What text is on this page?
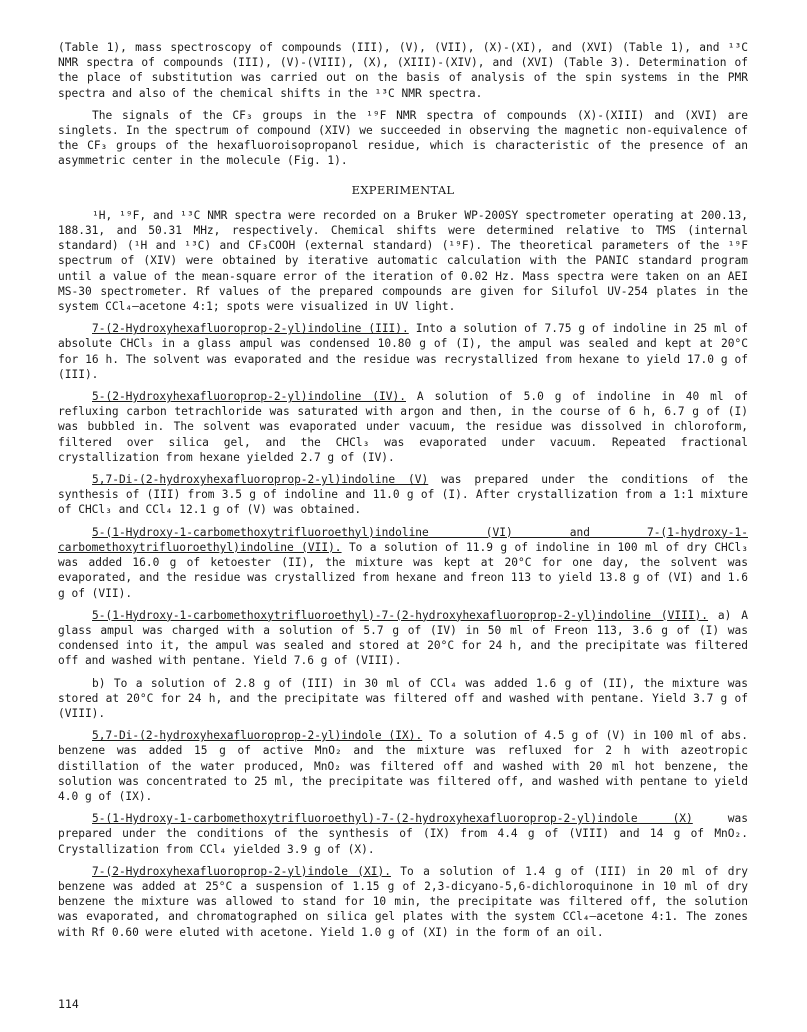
(Table 1), mass spectroscopy of compounds (III), (V), (VII), (X)-(XI), and (XVI) (Table 1), and ¹³C NMR spectra of compounds (III), (V)-(VIII), (X), (XIII)-(XIV), and (XVI) (Table 3). Determination of the place of substitution was carried out on the basis of analysis of the spin systems in the PMR spectra and also of the chemical shifts in the ¹³C NMR spectra.

The signals of the CF₃ groups in the ¹⁹F NMR spectra of compounds (X)-(XIII) and (XVI) are singlets. In the spectrum of compound (XIV) we succeeded in observing the magnetic non-equivalence of the CF₃ groups of the hexafluoroisopropanol residue, which is characteristic of the presence of an asymmetric center in the molecule (Fig. 1).

EXPERIMENTAL

¹H, ¹⁹F, and ¹³C NMR spectra were recorded on a Bruker WP-200SY spectrometer operating at 200.13, 188.31, and 50.31 MHz, respectively. Chemical shifts were determined relative to TMS (internal standard) (¹H and ¹³C) and CF₃COOH (external standard) (¹⁹F). The theoretical parameters of the ¹⁹F spectrum of (XIV) were obtained by iterative automatic calculation with the PANIC standard program until a value of the mean-square error of the iteration of 0.02 Hz. Mass spectra were taken on an AEI MS-30 spectrometer. Rf values of the prepared compounds are given for Silufol UV-254 plates in the system CCl₄–acetone 4:1; spots were visualized in UV light.

7-(2-Hydroxyhexafluoroprop-2-yl)indoline (III). Into a solution of 7.75 g of indoline in 25 ml of absolute CHCl₃ in a glass ampul was condensed 10.80 g of (I), the ampul was sealed and kept at 20°C for 16 h. The solvent was evaporated and the residue was recrystallized from hexane to yield 17.0 g of (III).

5-(2-Hydroxyhexafluoroprop-2-yl)indoline (IV). A solution of 5.0 g of indoline in 40 ml of refluxing carbon tetrachloride was saturated with argon and then, in the course of 6 h, 6.7 g of (I) was bubbled in. The solvent was evaporated under vacuum, the residue was dissolved in chloroform, filtered over silica gel, and the CHCl₃ was evaporated under vacuum. Repeated fractional crystallization from hexane yielded 2.7 g of (IV).

5,7-Di-(2-hydroxyhexafluoroprop-2-yl)indoline (V) was prepared under the conditions of the synthesis of (III) from 3.5 g of indoline and 11.0 g of (I). After crystallization from a 1:1 mixture of CHCl₃ and CCl₄ 12.1 g of (V) was obtained.

5-(1-Hydroxy-1-carbomethoxytrifluoroethyl)indoline (VI) and 7-(1-hydroxy-1-carbomethoxytrifluoroethyl)indoline (VII). To a solution of 11.9 g of indoline in 100 ml of dry CHCl₃ was added 16.0 g of ketoester (II), the mixture was kept at 20°C for one day, the solvent was evaporated, and the residue was crystallized from hexane and freon 113 to yield 13.8 g of (VI) and 1.6 g of (VII).

5-(1-Hydroxy-1-carbomethoxytrifluoroethyl)-7-(2-hydroxyhexafluoroprop-2-yl)indoline (VIII). a) A glass ampul was charged with a solution of 5.7 g of (IV) in 50 ml of Freon 113, 3.6 g of (I) was condensed into it, the ampul was sealed and stored at 20°C for 24 h, and the precipitate was filtered off and washed with pentane. Yield 7.6 g of (VIII).

b) To a solution of 2.8 g of (III) in 30 ml of CCl₄ was added 1.6 g of (II), the mixture was stored at 20°C for 24 h, and the precipitate was filtered off and washed with pentane. Yield 3.7 g of (VIII).

5,7-Di-(2-hydroxyhexafluoroprop-2-yl)indole (IX). To a solution of 4.5 g of (V) in 100 ml of abs. benzene was added 15 g of active MnO₂ and the mixture was refluxed for 2 h with azeotropic distillation of the water produced, MnO₂ was filtered off and washed with 20 ml hot benzene, the solution was concentrated to 25 ml, the precipitate was filtered off, and washed with pentane to yield 4.0 g of (IX).

5-(1-Hydroxy-1-carbomethoxytrifluoroethyl)-7-(2-hydroxyhexafluoroprop-2-yl)indole (X)	was prepared under the conditions of the synthesis of (IX) from 4.4 g of (VIII) and 14 g of MnO₂. Crystallization from CCl₄ yielded 3.9 g of (X).

7-(2-Hydroxyhexafluoroprop-2-yl)indole (XI). To a solution of 1.4 g of (III) in 20 ml of dry benzene was added at 25°C a suspension of 1.15 g of 2,3-dicyano-5,6-dichloroquinone in 10 ml of dry benzene the mixture was allowed to stand for 10 min, the precipitate was filtered off, the solution was evaporated, and chromatographed on silica gel plates with the system CCl₄–acetone 4:1. The zones with Rf 0.60 were eluted with acetone. Yield 1.0 g of (XI) in the form of an oil.

114
